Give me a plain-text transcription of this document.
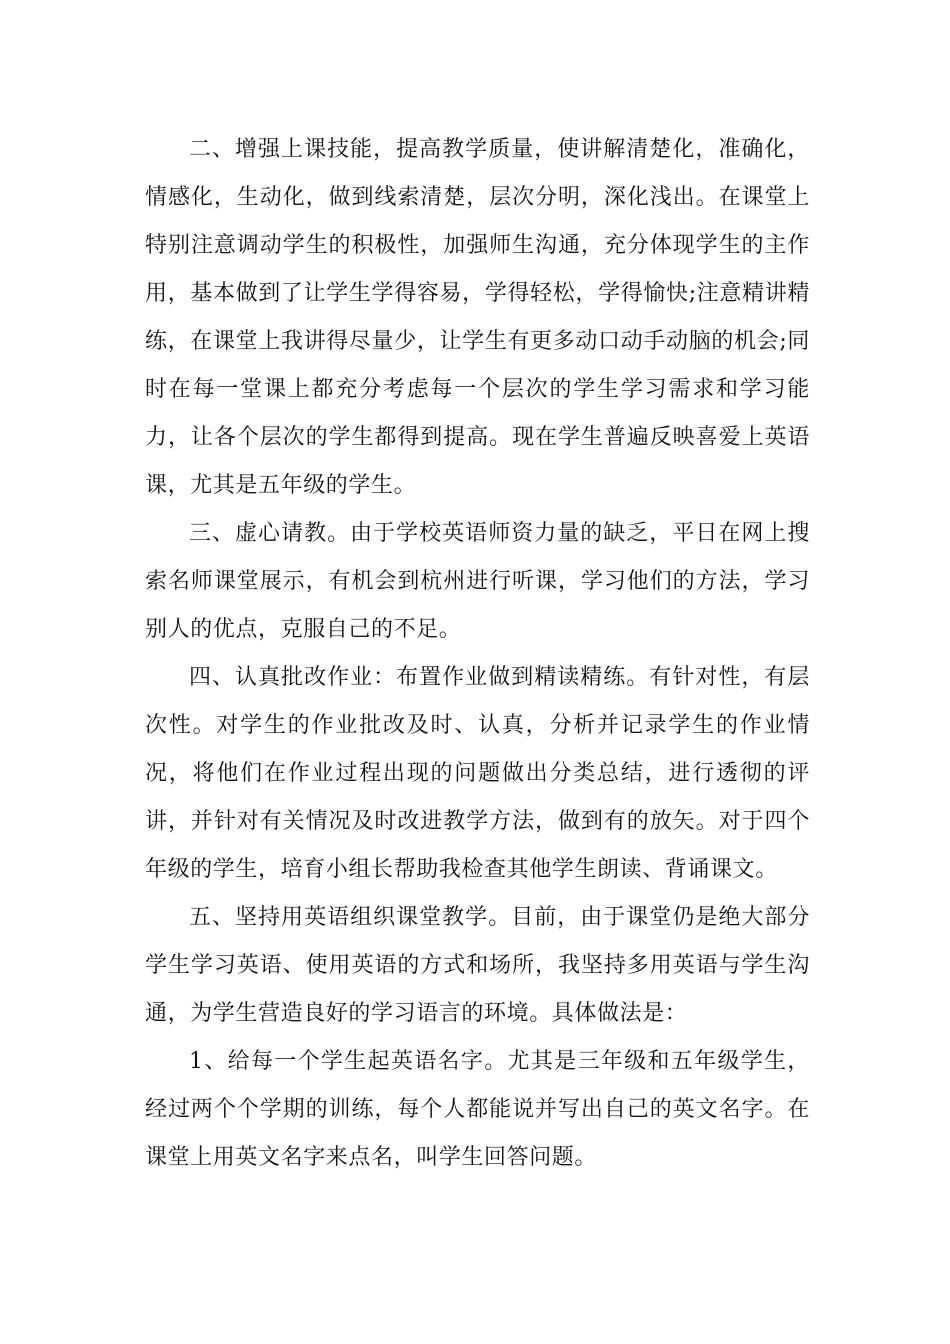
二、增强上课技能，提高教学质量，使讲解清楚化，准确化，情感化，生动化，做到线索清楚，层次分明，深化浅出。在课堂上特别注意调动学生的积极性，加强师生沟通，充分体现学生的主作用，基本做到了让学生学得容易，学得轻松，学得愉快;注意精讲精练，在课堂上我讲得尽量少，让学生有更多动口动手动脑的机会;同时在每一堂课上都充分考虑每一个层次的学生学习需求和学习能力，让各个层次的学生都得到提高。现在学生普遍反映喜爱上英语课，尤其是五年级的学生。

三、虚心请教。由于学校英语师资力量的缺乏，平日在网上搜索名师课堂展示，有机会到杭州进行听课，学习他们的方法，学习别人的优点，克服自己的不足。

四、认真批改作业：布置作业做到精读精练。有针对性，有层次性。对学生的作业批改及时、认真，分析并记录学生的作业情况，将他们在作业过程出现的问题做出分类总结，进行透彻的评讲，并针对有关情况及时改进教学方法，做到有的放矢。对于四个年级的学生，培育小组长帮助我检查其他学生朗读、背诵课文。

五、坚持用英语组织课堂教学。目前，由于课堂仍是绝大部分学生学习英语、使用英语的方式和场所，我坚持多用英语与学生沟通，为学生营造良好的学习语言的环境。具体做法是：

1、给每一个学生起英语名字。尤其是三年级和五年级学生，经过两个个学期的训练，每个人都能说并写出自己的英文名字。在课堂上用英文名字来点名，叫学生回答问题。
